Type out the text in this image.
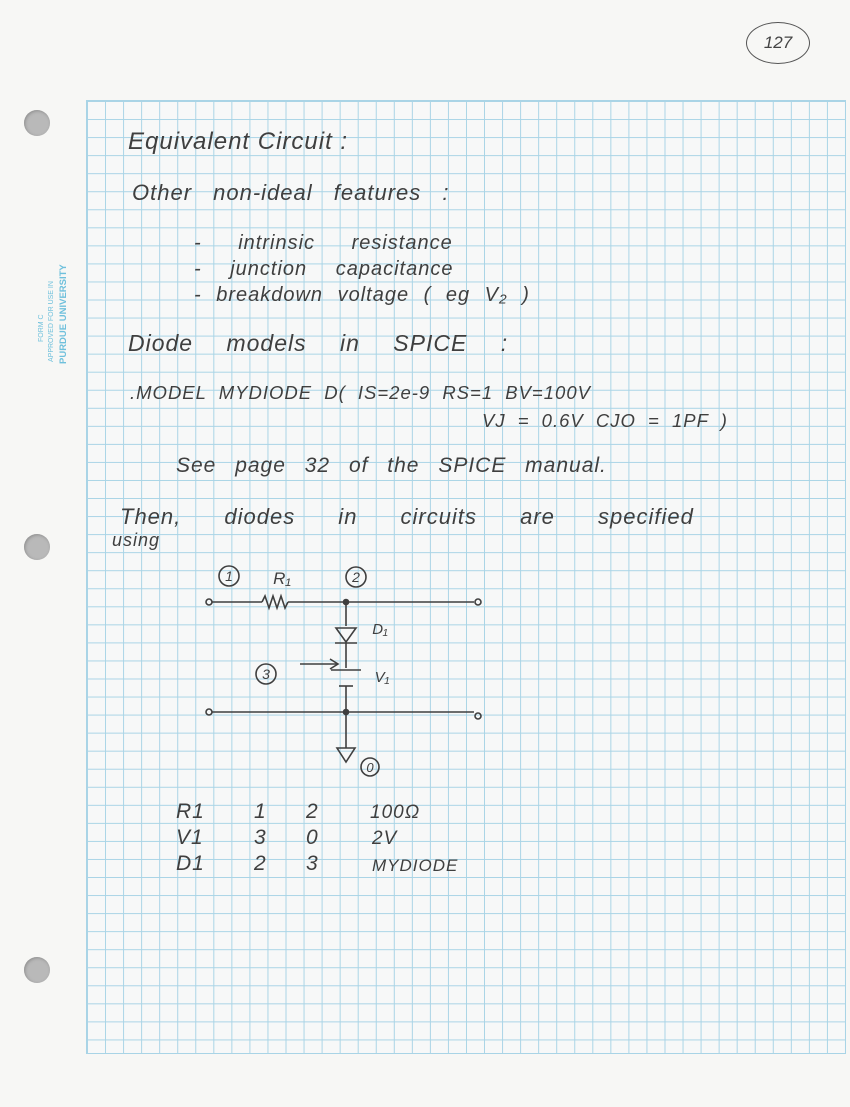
FORM C APPROVED FOR USE IN PURDUE UNIVERSITY
127
Equivalent Circuit :
Other non-ideal features :
- intrinsic resistance
- junction capacitance
- breakdown voltage ( eg V₂ )
Diode models in SPICE :
.MODEL MYDIODE D( IS=2e-9 RS=1 BV=100V
VJ = 0.6V CJO = 1PF )
See page 32 of the SPICE manual.
Then, diodes in circuits are specified
using
1	2
3
0
R₁
D₁
V₁
R1 1 2	100Ω
V1 3 0	2V
D1 2 3	MYDIODE
